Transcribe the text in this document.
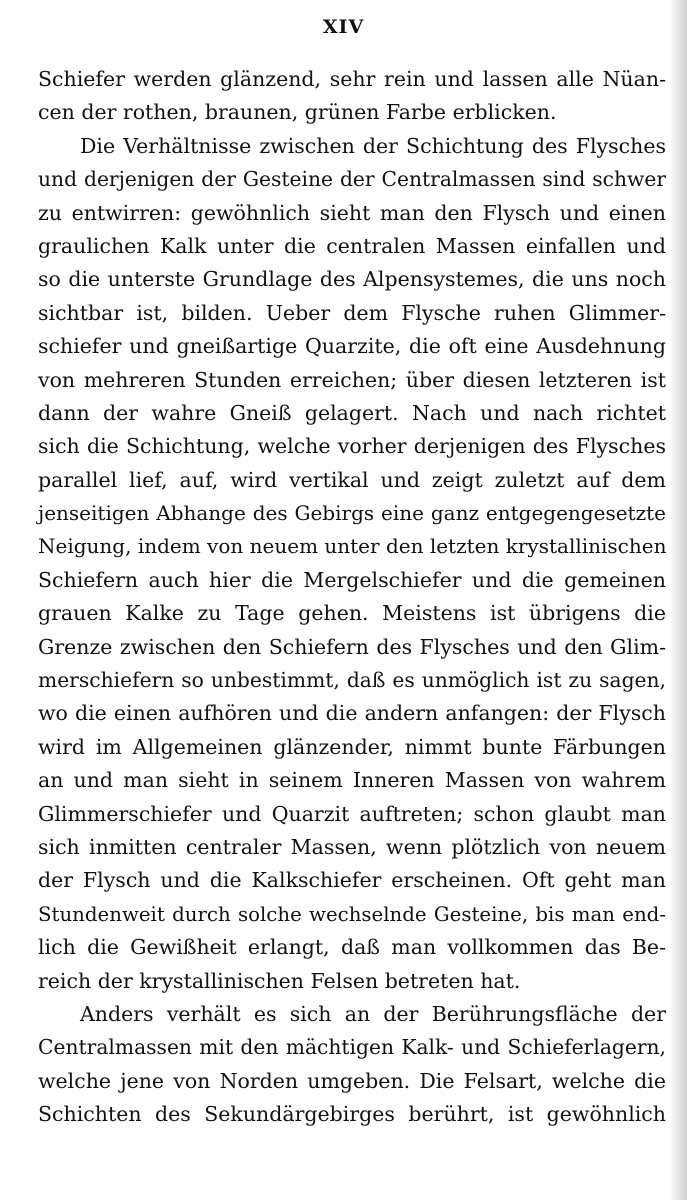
XIV
Schiefer werden glänzend, sehr rein und lassen alle Nüan-
cen der rothen, braunen, grünen Farbe erblicken.
Die Verhältnisse zwischen der Schichtung des Flysches
und derjenigen der Gesteine der Centralmassen sind schwer
zu entwirren: gewöhnlich sieht man den Flysch und einen
graulichen Kalk unter die centralen Massen einfallen und
so die unterste Grundlage des Alpensystemes, die uns noch
sichtbar ist, bilden. Ueber dem Flysche ruhen Glimmer-
schiefer und gneißartige Quarzite, die oft eine Ausdehnung
von mehreren Stunden erreichen; über diesen letzteren ist
dann der wahre Gneiß gelagert. Nach und nach richtet
sich die Schichtung, welche vorher derjenigen des Flysches
parallel lief, auf, wird vertikal und zeigt zuletzt auf dem
jenseitigen Abhange des Gebirgs eine ganz entgegengesetzte
Neigung, indem von neuem unter den letzten krystallinischen
Schiefern auch hier die Mergelschiefer und die gemeinen
grauen Kalke zu Tage gehen. Meistens ist übrigens die
Grenze zwischen den Schiefern des Flysches und den Glim-
merschiefern so unbestimmt, daß es unmöglich ist zu sagen,
wo die einen aufhören und die andern anfangen: der Flysch
wird im Allgemeinen glänzender, nimmt bunte Färbungen
an und man sieht in seinem Inneren Massen von wahrem
Glimmerschiefer und Quarzit auftreten; schon glaubt man
sich inmitten centraler Massen, wenn plötzlich von neuem
der Flysch und die Kalkschiefer erscheinen. Oft geht man
Stundenweit durch solche wechselnde Gesteine, bis man end-
lich die Gewißheit erlangt, daß man vollkommen das Be-
reich der krystallinischen Felsen betreten hat.
Anders verhält es sich an der Berührungsfläche der
Centralmassen mit den mächtigen Kalk- und Schieferlagern,
welche jene von Norden umgeben. Die Felsart, welche die
Schichten des Sekundärgebirges berührt, ist gewöhnlich
